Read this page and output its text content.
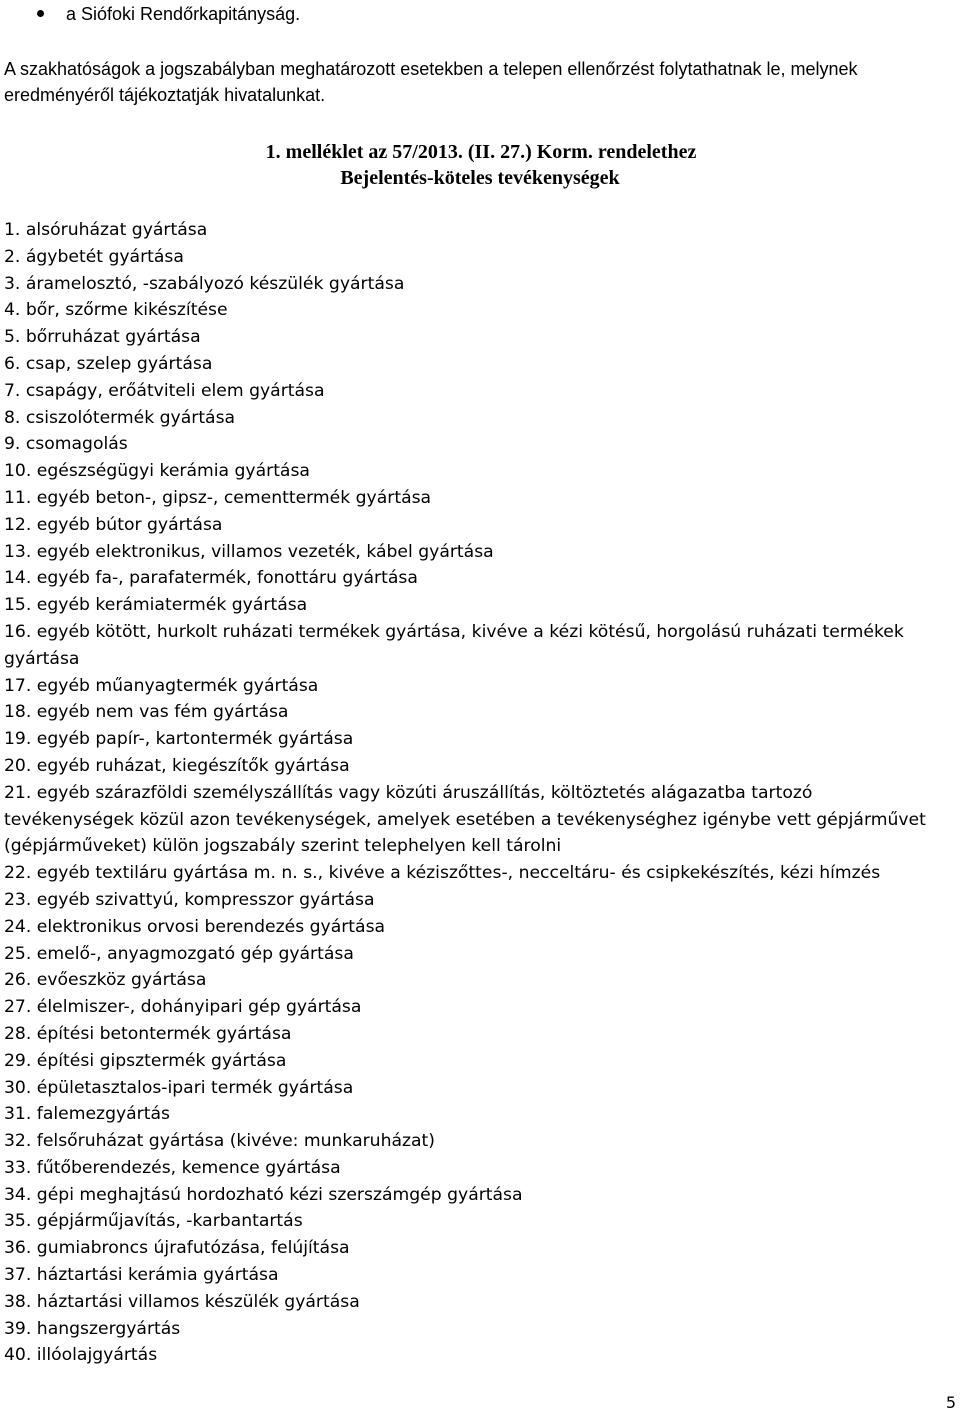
a Siófoki Rendőrkapitányság.
A szakhatóságok a jogszabályban meghatározott esetekben a telepen ellenőrzést folytathatnak le, melynek eredményéről tájékoztatják hivatalunkat.
1. melléklet az 57/2013. (II. 27.) Korm. rendelethez
Bejelentés-köteles tevékenységek
1. alsóruházat gyártása
2. ágybetét gyártása
3. áramelosztó, -szabályozó készülék gyártása
4. bőr, szőrme kikészítése
5. bőrruházat gyártása
6. csap, szelep gyártása
7. csapágy, erőátviteli elem gyártása
8. csiszolótermék gyártása
9. csomagolás
10. egészségügyi kerámia gyártása
11. egyéb beton-, gipsz-, cementtermék gyártása
12. egyéb bútor gyártása
13. egyéb elektronikus, villamos vezeték, kábel gyártása
14. egyéb fa-, parafatermék, fonottáru gyártása
15. egyéb kerámiatermék gyártása
16. egyéb kötött, hurkolt ruházati termékek gyártása, kivéve a kézi kötésű, horgolású ruházati termékek gyártása
17. egyéb műanyagtermék gyártása
18. egyéb nem vas fém gyártása
19. egyéb papír-, kartontermék gyártása
20. egyéb ruházat, kiegészítők gyártása
21. egyéb szárazföldi személyszállítás vagy közúti áruszállítás, költöztetés alágazatba tartozó tevékenységek közül azon tevékenységek, amelyek esetében a tevékenységhez igénybe vett gépjárművet (gépjárműveket) külön jogszabály szerint telephelyen kell tárolni
22. egyéb textiláru gyártása m. n. s., kivéve a kéziszőttes-, necceltáru- és csipkekészítés, kézi hímzés
23. egyéb szivattyú, kompresszor gyártása
24. elektronikus orvosi berendezés gyártása
25. emelő-, anyagmozgató gép gyártása
26. evőeszköz gyártása
27. élelmiszer-, dohányipari gép gyártása
28. építési betontermék gyártása
29. építési gipsztermék gyártása
30. épületasztalos-ipari termék gyártása
31. falemezgyártás
32. felsőruházat gyártása (kivéve: munkaruházat)
33. fűtőberendezés, kemence gyártása
34. gépi meghajtású hordozható kézi szerszámgép gyártása
35. gépjárműjavítás, -karbantartás
36. gumiabroncs újrafutózása, felújítása
37. háztartási kerámia gyártása
38. háztartási villamos készülék gyártása
39. hangszergyártás
40. illóolajgyártás
5
